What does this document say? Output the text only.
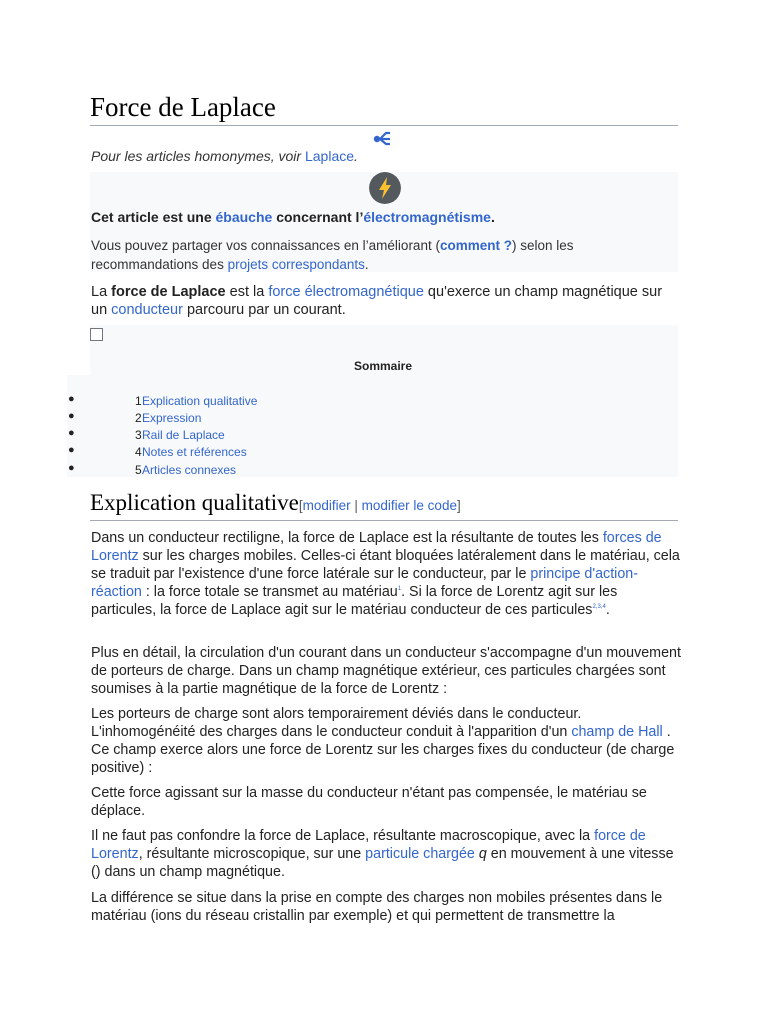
Force de Laplace
Pour les articles homonymes, voir Laplace.
Cet article est une ébauche concernant l’électromagnétisme.
Vous pouvez partager vos connaissances en l’améliorant (comment ?) selon les recommandations des projets correspondants.
La force de Laplace est la force électromagnétique qu'exerce un champ magnétique sur un conducteur parcouru par un courant.
Sommaire
●	1 Explication qualitative
●	2 Expression
●	3 Rail de Laplace
●	4 Notes et références
●	5 Articles connexes
Explication qualitative[modifier | modifier le code]
Dans un conducteur rectiligne, la force de Laplace est la résultante de toutes les forces de Lorentz sur les charges mobiles. Celles-ci étant bloquées latéralement dans le matériau, cela se traduit par l'existence d'une force latérale sur le conducteur, par le principe d'action-réaction : la force totale se transmet au matériau$^1$. Si la force de Lorentz agit sur les particules, la force de Laplace agit sur le matériau conducteur de ces particules$^{2,3,4}$.
Plus en détail, la circulation d'un courant dans un conducteur s'accompagne d'un mouvement de porteurs de charge. Dans un champ magnétique extérieur, ces particules chargées sont soumises à la partie magnétique de la force de Lorentz :
Les porteurs de charge sont alors temporairement déviés dans le conducteur. L'inhomogénéité des charges dans le conducteur conduit à l'apparition d'un champ de Hall . Ce champ exerce alors une force de Lorentz sur les charges fixes du conducteur (de charge positive) :
Cette force agissant sur la masse du conducteur n'étant pas compensée, le matériau se déplace.
Il ne faut pas confondre la force de Laplace, résultante macroscopique, avec la force de Lorentz, résultante microscopique, sur une particule chargée q en mouvement à une vitesse () dans un champ magnétique.
La différence se situe dans la prise en compte des charges non mobiles présentes dans le matériau (ions du réseau cristallin par exemple) et qui permettent de transmettre la
